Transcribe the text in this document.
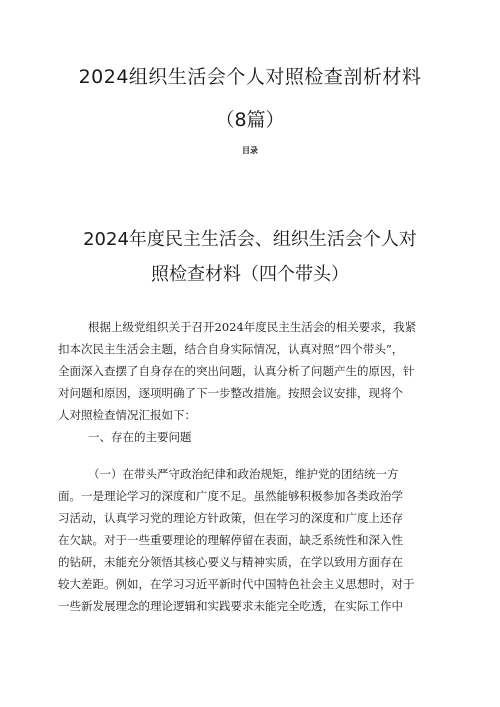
2024组织生活会个人对照检查剖析材料
（8篇）
目录
2024年度民主生活会、组织生活会个人对
照检查材料（四个带头）
根据上级党组织关于召开2024年度民主生活会的相关要求，我紧
扣本次民主生活会主题，结合自身实际情况，认真对照“四个带头”，
全面深入查摆了自身存在的突出问题，认真分析了问题产生的原因，针
对问题和原因，逐项明确了下一步整改措施。按照会议安排，现将个
人对照检查情况汇报如下：
一、存在的主要问题
（一）在带头严守政治纪律和政治规矩，维护党的团结统一方
面。一是理论学习的深度和广度不足。虽然能够积极参加各类政治学
习活动，认真学习党的理论方针政策，但在学习的深度和广度上还存
在欠缺。对于一些重要理论的理解停留在表面，缺乏系统性和深入性
的钻研，未能充分领悟其核心要义与精神实质，在学以致用方面存在
较大差距。例如，在学习习近平新时代中国特色社会主义思想时，对于
一些新发展理念的理论逻辑和实践要求未能完全吃透，在实际工作中
